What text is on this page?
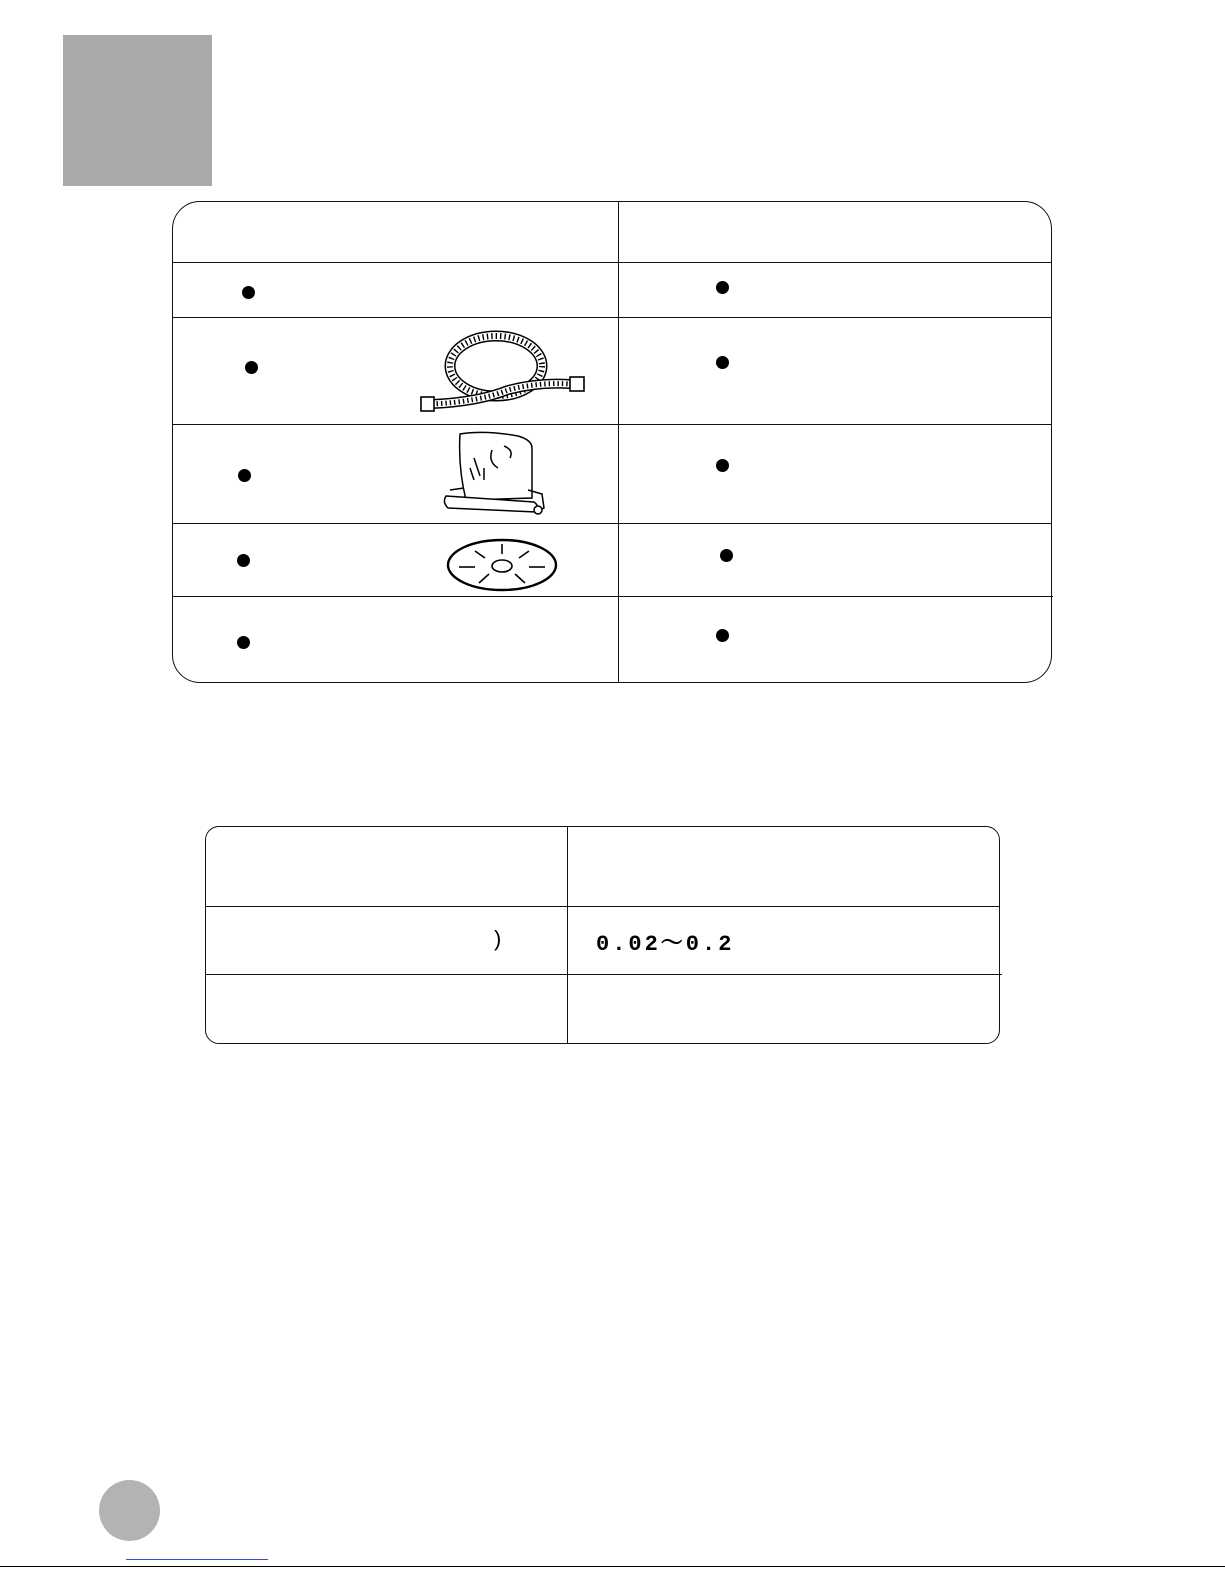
)	0.02～0.2
